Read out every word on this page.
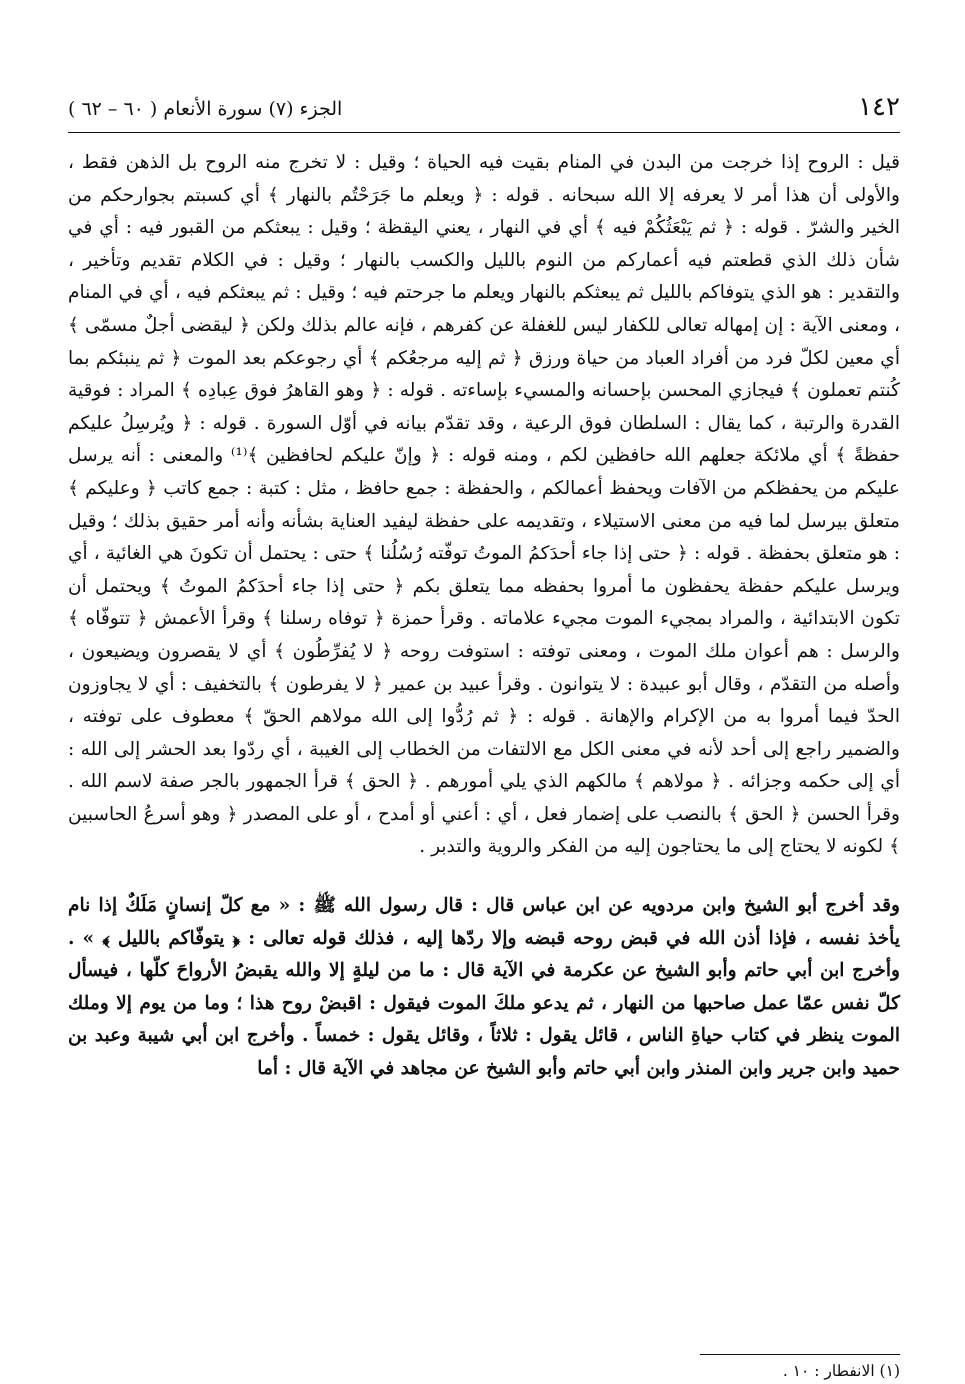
١٤٢
الجزء (٧) سورة الأنعام ( ٦٠ – ٦٢ )

قيل : الروح إذا خرجت من البدن في المنام بقيت فيه الحياة ؛ وقيل : لا تخرج منه الروح بل الذهن فقط ، والأولى أن هذا أمر لا يعرفه إلا الله سبحانه . قوله : ﴿ ويعلم ما جَرَحْتُم بالنهار ﴾ أي كسبتم بجوارحكم من الخير والشرّ . قوله : ﴿ ثم يَبْعَثُكُمْ فيه ﴾ أي في النهار ، يعني اليقظة ؛ وقيل : يبعثكم من القبور فيه : أي في شأن ذلك الذي قطعتم فيه أعماركم من النوم بالليل والكسب بالنهار ؛ وقيل : في الكلام تقديم وتأخير ، والتقدير : هو الذي يتوفاكم بالليل ثم يبعثكم بالنهار ويعلم ما جرحتم فيه ؛ وقيل : ثم يبعثكم فيه ، أي في المنام ، ومعنى الآية : إن إمهاله تعالى للكفار ليس للغفلة عن كفرهم ، فإنه عالم بذلك ولكن ﴿ ليقضى أجلٌ مسمّى ﴾ أي معين لكلّ فرد من أفراد العباد من حياة ورزق ﴿ ثم إليه مرجعُكم ﴾ أي رجوعكم بعد الموت ﴿ ثم ينبئكم بما كُنتم تعملون ﴾ فيجازي المحسن بإحسانه والمسيء بإساءته . قوله : ﴿ وهو القاهرُ فوق عِبادِه ﴾ المراد : فوقية القدرة والرتبة ، كما يقال : السلطان فوق الرعية ، وقد تقدّم بيانه في أوّل السورة . قوله : ﴿ ويُرسِلُ عليكم حفظةً ﴾ أي ملائكة جعلهم الله حافظين لكم ، ومنه قوله : ﴿ وإنّ عليكم لحافظين ﴾⁽¹⁾ والمعنى : أنه يرسل عليكم من يحفظكم من الآفات ويحفظ أعمالكم ، والحفظة : جمع حافظ ، مثل : كتبة : جمع كاتب ﴿ وعليكم ﴾ متعلق بيرسل لما فيه من معنى الاستيلاء ، وتقديمه على حفظة ليفيد العناية بشأنه وأنه أمر حقيق بذلك ؛ وقيل : هو متعلق بحفظة . قوله : ﴿ حتى إذا جاء أحدَكمُ الموتُ توفّته رُسُلُنا ﴾ حتى : يحتمل أن تكونَ هي الغائية ، أي ويرسل عليكم حفظة يحفظون ما أمروا بحفظه مما يتعلق بكم ﴿ حتى إذا جاء أحدَكمُ الموتُ ﴾ ويحتمل أن تكون الابتدائية ، والمراد بمجيء الموت مجيء علاماته . وقرأ حمزة ﴿ توفاه رسلنا ﴾ وقرأ الأعمش ﴿ تتوفّاه ﴾ والرسل : هم أعوان ملك الموت ، ومعنى توفته : استوفت روحه ﴿ لا يُفرِّطُون ﴾ أي لا يقصرون ويضيعون ، وأصله من التقدّم ، وقال أبو عبيدة : لا يتوانون . وقرأ عبيد بن عمير ﴿ لا يفرطون ﴾ بالتخفيف : أي لا يجاوزون الحدّ فيما أمروا به من الإكرام والإهانة . قوله : ﴿ ثم رُدُّوا إلى الله مولاهم الحقّ ﴾ معطوف على توفته ، والضمير راجع إلى أحد لأنه في معنى الكل مع الالتفات من الخطاب إلى الغيبة ، أي ردّوا بعد الحشر إلى الله : أي إلى حكمه وجزائه . ﴿ مولاهم ﴾ مالكهم الذي يلي أمورهم . ﴿ الحق ﴾ قرأ الجمهور بالجر صفة لاسم الله . وقرأ الحسن ﴿ الحق ﴾ بالنصب على إضمار فعل ، أي : أعني أو أمدح ، أو على المصدر ﴿ وهو أسرعُ الحاسبين ﴾ لكونه لا يحتاج إلى ما يحتاجون إليه من الفكر والروية والتدبر .

وقد أخرج أبو الشيخ وابن مردويه عن ابن عباس قال : قال رسول الله ﷺ : « مع كلّ إنسانٍ مَلَكٌ إذا نام يأخذ نفسه ، فإذا أذن الله في قبض روحه قبضه وإلا ردّها إليه ، فذلك قوله تعالى : ﴿ يتوفّاكم بالليل ﴾ » . وأخرج ابن أبي حاتم وأبو الشيخ عن عكرمة في الآية قال : ما من ليلةٍ إلا والله يقبضُ الأرواحَ كلّها ، فيسأل كلّ نفس عمّا عمل صاحبها من النهار ، ثم يدعو ملكَ الموت فيقول : اقبضْ روح هذا ؛ وما من يوم إلا وملك الموت ينظر في كتاب حياةِ الناس ، قائل يقول : ثلاثاً ، وقائل يقول : خمساً . وأخرج ابن أبي شيبة وعبد بن حميد وابن جرير وابن المنذر وابن أبي حاتم وأبو الشيخ عن مجاهد في الآية قال : أما

(١) الانفطار : ١٠ .
